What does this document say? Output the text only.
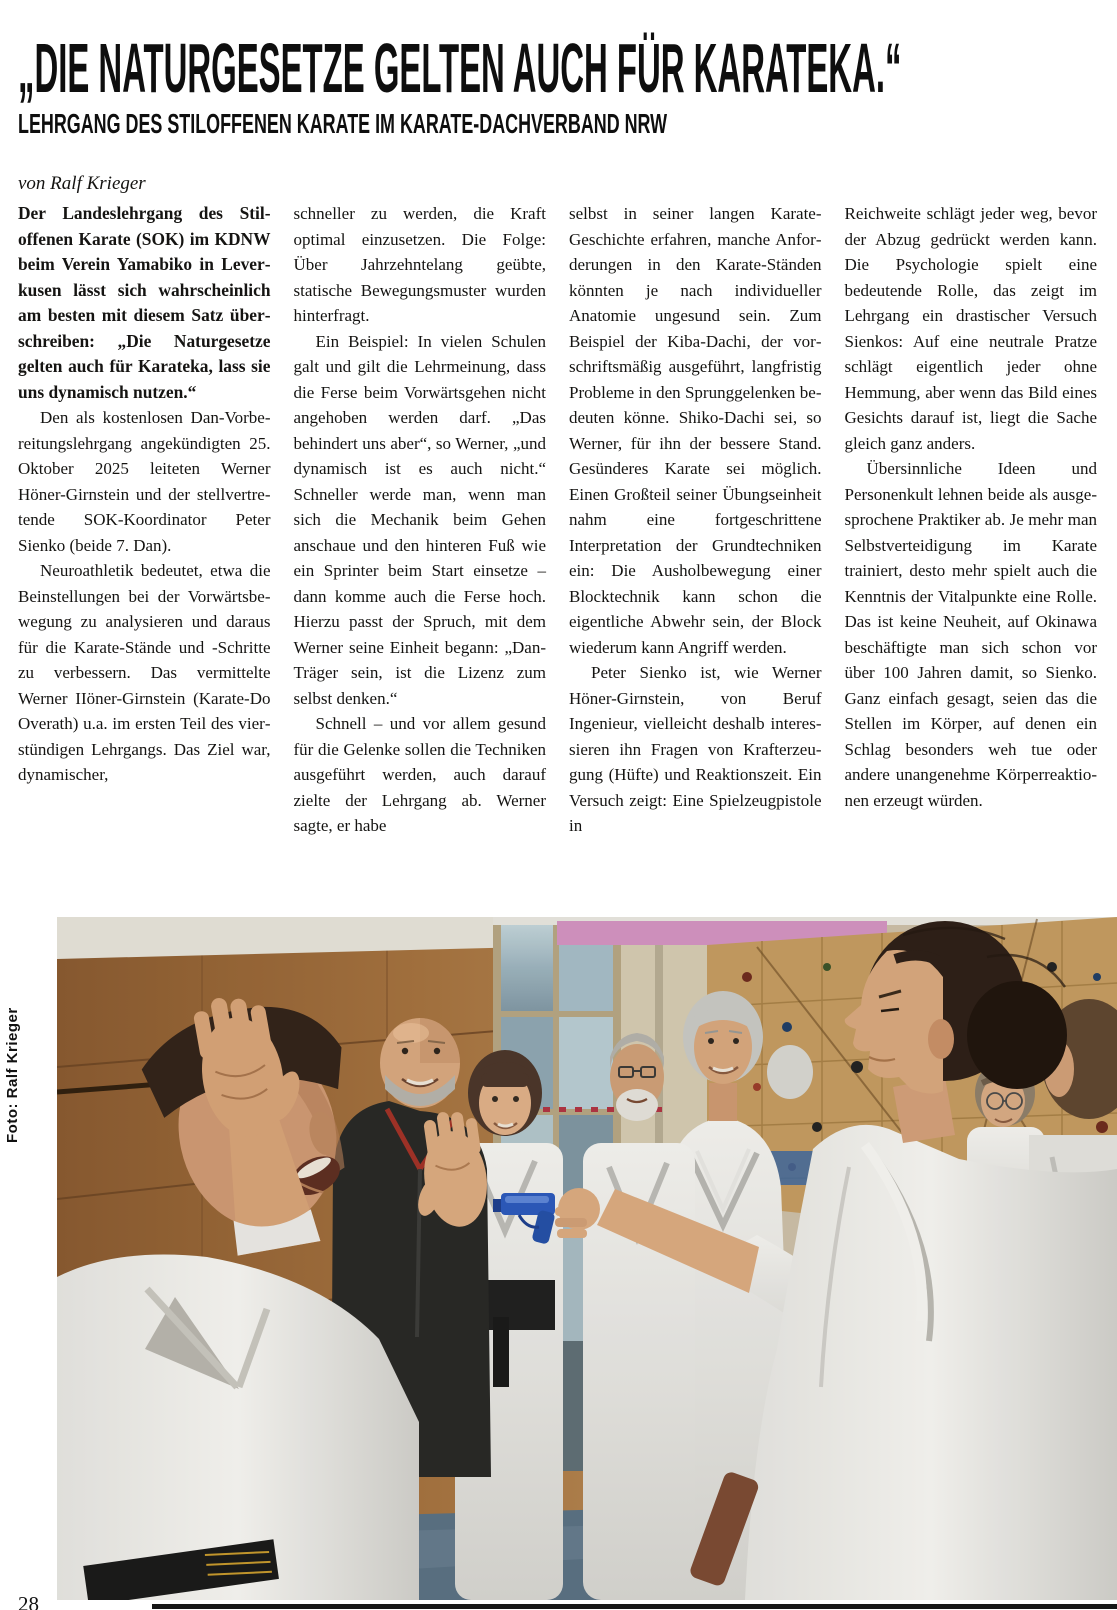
„DIE NATURGESETZE GELTEN AUCH FÜR KARATEKA.“
LEHRGANG DES STILOFFENEN KARATE IM KARATE-DACHVERBAND NRW

von Ralf Krieger

Der Landeslehrgang des Stiloffenen Karate (SOK) im KDNW beim Verein Yamabiko in Leverkusen lässt sich wahrscheinlich am besten mit diesem Satz überschreiben: „Die Naturgesetze gelten auch für Karateka, lass sie uns dynamisch nutzen.“

Den als kostenlosen Dan-Vorbereitungslehrgang angekündigten 25. Oktober 2025 leiteten Werner Höner-Girnstein und der stellvertretende SOK-Koordinator Peter Sienko (beide 7. Dan).

Neuroathletik bedeutet, etwa die Beinstellungen bei der Vorwärtsbewegung zu analysieren und daraus für die Karate-Stände und -Schritte zu verbessern. Das vermittelte Werner IIöner-Girnstein (Karate-Do Overath) u.a. im ersten Teil des vierstündigen Lehrgangs. Das Ziel war, dynamischer,

schneller zu werden, die Kraft optimal einzusetzen. Die Folge: Über Jahrzehntelang geübte, statische Bewegungsmuster wurden hinterfragt.

Ein Beispiel: In vielen Schulen galt und gilt die Lehrmeinung, dass die Ferse beim Vorwärtsgehen nicht angehoben werden darf. „Das behindert uns aber“, so Werner, „und dynamisch ist es auch nicht.“ Schneller werde man, wenn man sich die Mechanik beim Gehen anschaue und den hinteren Fuß wie ein Sprinter beim Start einsetze – dann komme auch die Ferse hoch. Hierzu passt der Spruch, mit dem Werner seine Einheit begann: „Dan-Träger sein, ist die Lizenz zum selbst denken.“

Schnell – und vor allem gesund für die Gelenke sollen die Techniken ausgeführt werden, auch darauf zielte der Lehrgang ab. Werner sagte, er habe

selbst in seiner langen Karate-Geschichte erfahren, manche Anforderungen in den Karate-Ständen könnten je nach individueller Anatomie ungesund sein. Zum Beispiel der Kiba-Dachi, der vorschriftsmäßig ausgeführt, langfristig Probleme in den Sprunggelenken bedeuten könne. Shiko-Dachi sei, so Werner, für ihn der bessere Stand. Gesünderes Karate sei möglich. Einen Großteil seiner Übungseinheit nahm eine fortgeschrittene Interpretation der Grundtechniken ein: Die Ausholbewegung einer Blocktechnik kann schon die eigentliche Abwehr sein, der Block wiederum kann Angriff werden.

Peter Sienko ist, wie Werner Höner-Girnstein, von Beruf Ingenieur, vielleicht deshalb interessieren ihn Fragen von Krafterzeugung (Hüfte) und Reaktionszeit. Ein Versuch zeigt: Eine Spielzeugpistole in

Reichweite schlägt jeder weg, bevor der Abzug gedrückt werden kann. Die Psychologie spielt eine bedeutende Rolle, das zeigt im Lehrgang ein drastischer Versuch Sienkos: Auf eine neutrale Pratze schlägt eigentlich jeder ohne Hemmung, aber wenn das Bild eines Gesichts darauf ist, liegt die Sache gleich ganz anders.

Übersinnliche Ideen und Personenkult lehnen beide als ausgesprochene Praktiker ab. Je mehr man Selbstverteidigung im Karate trainiert, desto mehr spielt auch die Kenntnis der Vitalpunkte eine Rolle. Das ist keine Neuheit, auf Okinawa beschäftigte man sich schon vor über 100 Jahren damit, so Sienko. Ganz einfach gesagt, seien das die Stellen im Körper, auf denen ein Schlag besonders weh tue oder andere unangenehme Körperreaktionen erzeugt würden.

Foto: Ralf Krieger
28
